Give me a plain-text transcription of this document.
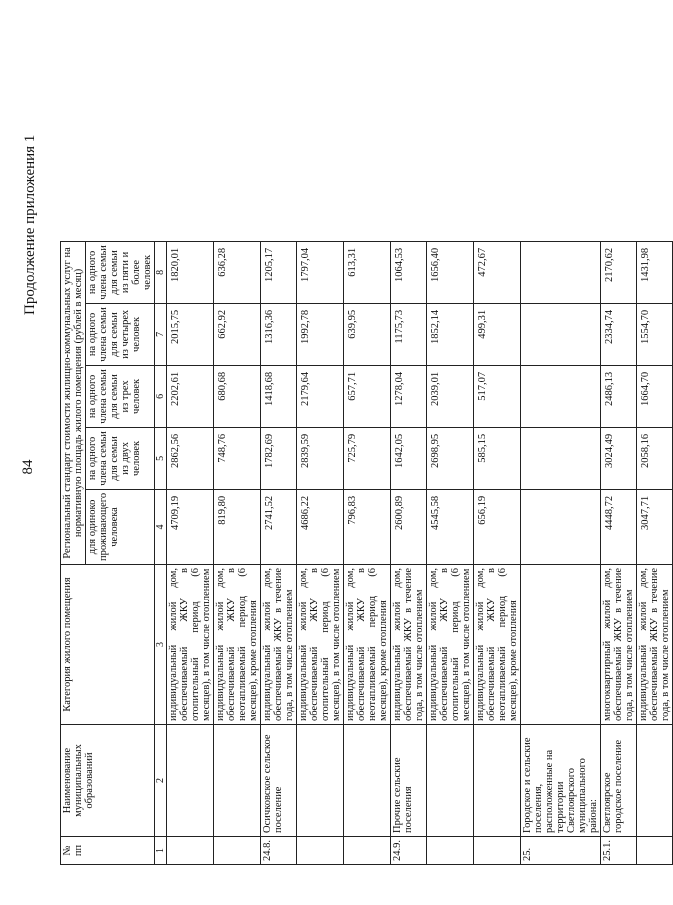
84
Продолжение приложения 1
№ пп	Наименование муниципальных образований	Категория жилого помещения	Региональный стандарт стоимости жилищно-коммунальных услуг на нормативную площадь жилого помещения (рублей в месяц)				
			для одиноко проживающего человека	на одного члена семьи для семьи из двух человек	на одного члена семьи для семьи из трех человек	на одного члена семьи для семьи из четырех человек	на одного члена семьи для семьи из пяти и более человек
1	2	3	4	5	6	7	8
		индивидуальный жилой дом, обеспечиваемый ЖКУ в отопительный период (6 месяцев), в том числе отоплением	4709,19	2862,56	2202,61	2015,75	1820,01
		индивидуальный жилой дом, обеспечиваемый ЖКУ в неотапливаемый период (6 месяцев), кроме отопления	819,80	748,76	680,68	662,92	636,28
24.8.	Осичковское сельское поселение	индивидуальный жилой дом, обеспечиваемый ЖКУ в течение года, в том числе отоплением	2741,52	1782,69	1418,68	1316,36	1205,17
		индивидуальный жилой дом, обеспечиваемый ЖКУ в отопительный период (6 месяцев), в том числе отоплением	4686,22	2839,59	2179,64	1992,78	1797,04
		индивидуальный жилой дом, обеспечиваемый ЖКУ в неотапливаемый период (6 месяцев), кроме отопления	796,83	725,79	657,71	639,95	613,31
24.9.	Прочие сельские поселения	индивидуальный жилой дом, обеспечиваемый ЖКУ в течение года, в том числе отоплением	2600,89	1642,05	1278,04	1175,73	1064,53
		индивидуальный жилой дом, обеспечиваемый ЖКУ в отопительный период (6 месяцев), в том числе отоплением	4545,58	2698,95	2039,01	1852,14	1656,40
		индивидуальный жилой дом, обеспечиваемый ЖКУ в неотапливаемый период (6 месяцев), кроме отопления	656,19	585,15	517,07	499,31	472,67
25.	Городское и сельские поселения, расположенные на территории Светлоярского муниципального района:						
25.1.	Светлоярское городское поселение	многоквартирный жилой дом, обеспечиваемый ЖКУ в течение года, в том числе отоплением	4448,72	3024,49	2486,13	2334,74	2170,62
		индивидуальный жилой дом, обеспечиваемый ЖКУ в течение года, в том числе отоплением	3047,71	2058,16	1664,70	1554,70	1431,98
